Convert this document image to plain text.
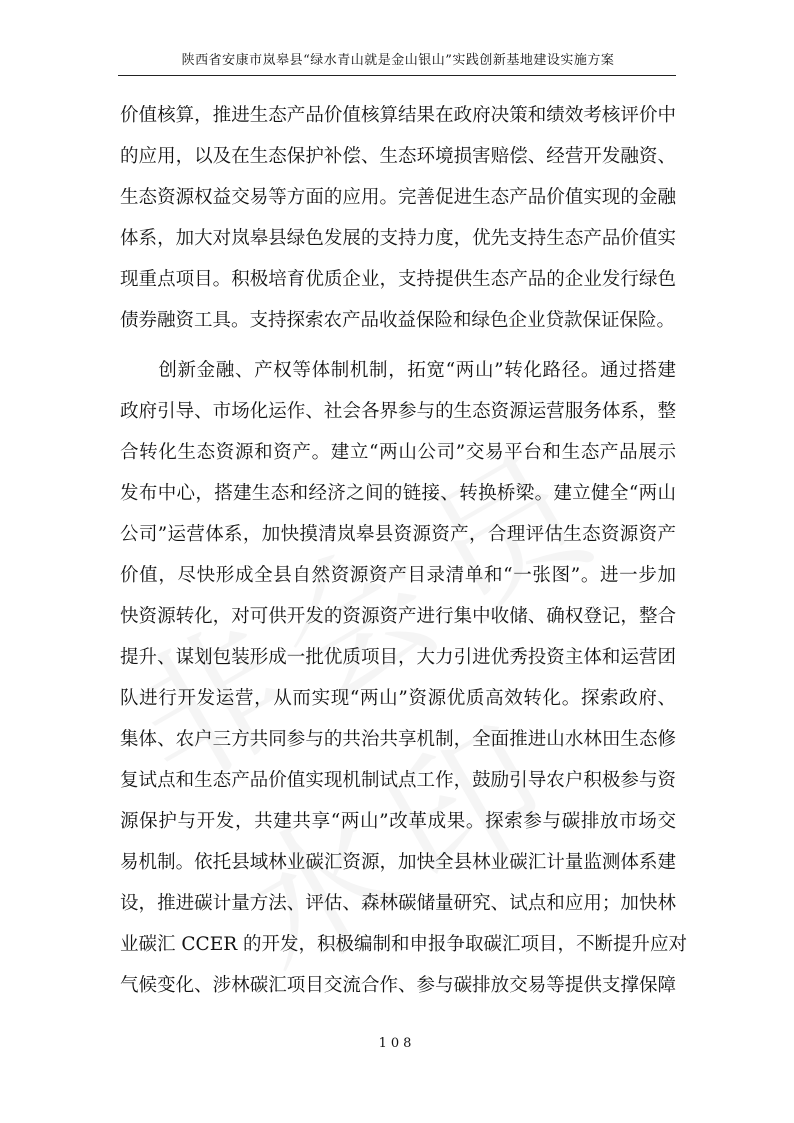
陕西省安康市岚皋县“绿水青山就是金山银山”实践创新基地建设实施方案
价值核算，推进生态产品价值核算结果在政府决策和绩效考核评价中
的应用，以及在生态保护补偿、生态环境损害赔偿、经营开发融资、
生态资源权益交易等方面的应用。完善促进生态产品价值实现的金融
体系，加大对岚皋县绿色发展的支持力度，优先支持生态产品价值实
现重点项目。积极培育优质企业，支持提供生态产品的企业发行绿色
债券融资工具。支持探索农产品收益保险和绿色企业贷款保证保险。
　　创新金融、产权等体制机制，拓宽“两山”转化路径。通过搭建
政府引导、市场化运作、社会各界参与的生态资源运营服务体系，整
合转化生态资源和资产。建立“两山公司”交易平台和生态产品展示
发布中心，搭建生态和经济之间的链接、转换桥梁。建立健全“两山
公司”运营体系，加快摸清岚皋县资源资产，合理评估生态资源资产
价值，尽快形成全县自然资源资产目录清单和“一张图”。进一步加
快资源转化，对可供开发的资源资产进行集中收储、确权登记，整合
提升、谋划包装形成一批优质项目，大力引进优秀投资主体和运营团
队进行开发运营，从而实现“两山”资源优质高效转化。探索政府、
集体、农户三方共同参与的共治共享机制，全面推进山水林田生态修
复试点和生态产品价值实现机制试点工作，鼓励引导农户积极参与资
源保护与开发，共建共享“两山”改革成果。探索参与碳排放市场交
易机制。依托县域林业碳汇资源，加快全县林业碳汇计量监测体系建
设，推进碳计量方法、评估、森林碳储量研究、试点和应用；加快林
业碳汇 CCER 的开发，积极编制和申报争取碳汇项目，不断提升应对
气候变化、涉林碳汇项目交流合作、参与碳排放交易等提供支撑保障
108
